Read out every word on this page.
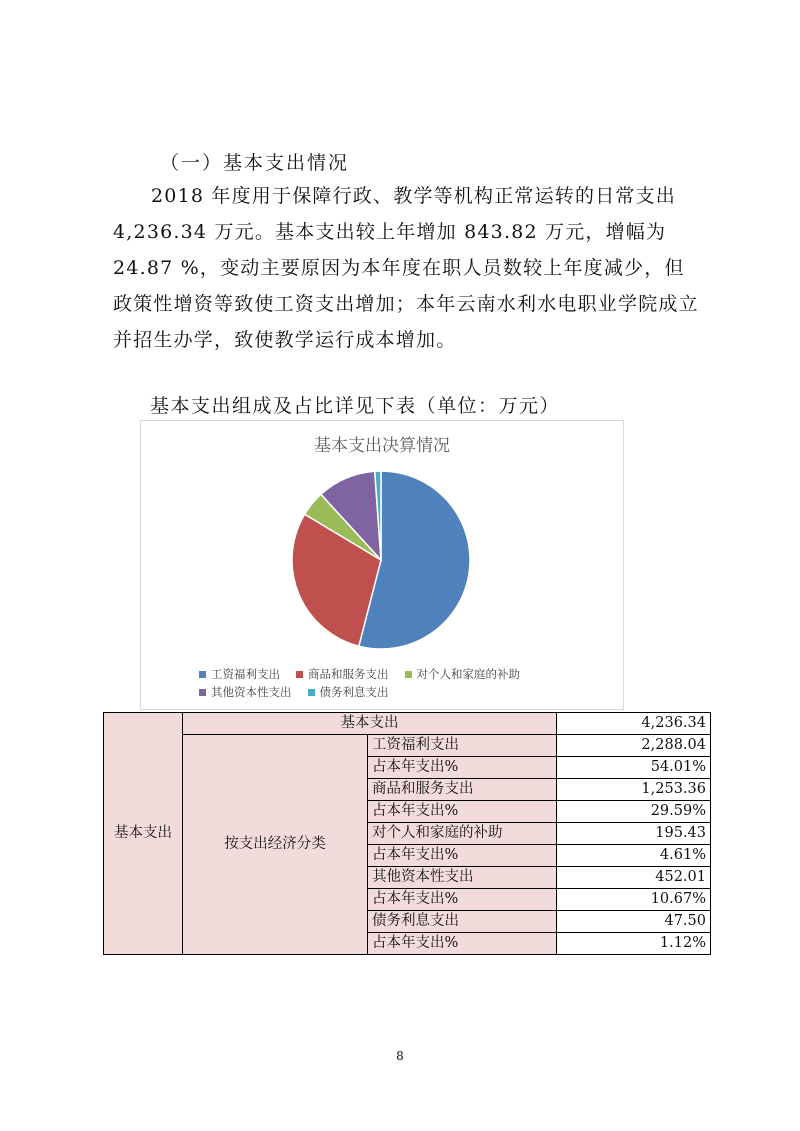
（一）基本支出情况

2018 年度用于保障行政、教学等机构正常运转的日常支出 4,236.34 万元。基本支出较上年增加 843.82 万元，增幅为 24.87 %，变动主要原因为本年度在职人员数较上年度减少，但政策性增资等致使工资支出增加；本年云南水利水电职业学院成立并招生办学，致使教学运行成本增加。

基本支出组成及占比详见下表（单位：万元）
基本支出决算情况
工资福利支出 商品和服务支出 对个人和家庭的补助
其他资本性支出 债务利息支出
基本支出	基本支出		4,236.34
	按支出经济分类	工资福利支出	2,288.04
		占本年支出%	54.01%
		商品和服务支出	1,253.36
		占本年支出%	29.59%
		对个人和家庭的补助	195.43
		占本年支出%	4.61%
		其他资本性支出	452.01
		占本年支出%	10.67%
		债务利息支出	47.50
		占本年支出%	1.12%
8
